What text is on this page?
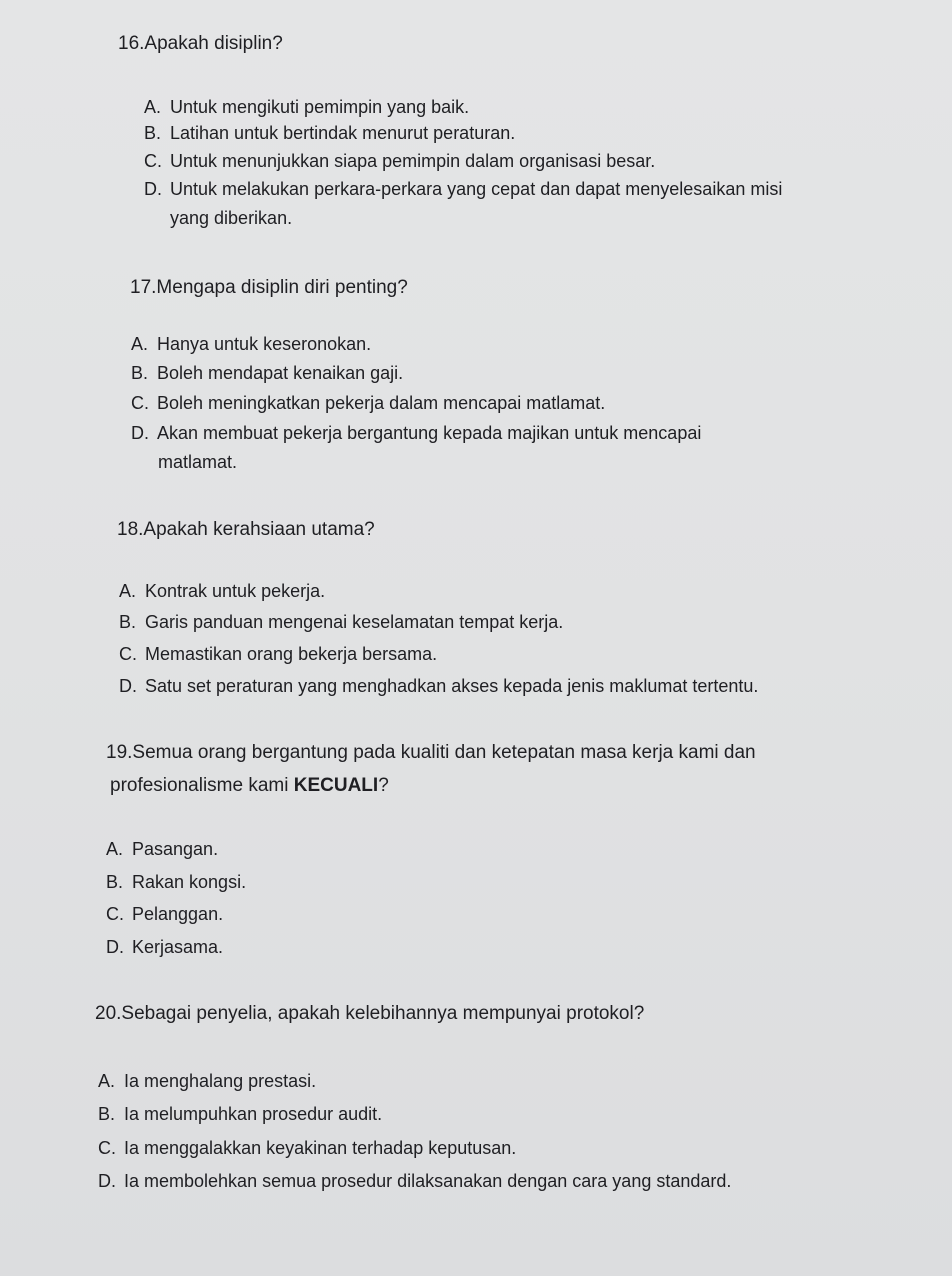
16.Apakah disiplin?
A. Untuk mengikuti pemimpin yang baik.
B. Latihan untuk bertindak menurut peraturan.
C. Untuk menunjukkan siapa pemimpin dalam organisasi besar.
D. Untuk melakukan perkara-perkara yang cepat dan dapat menyelesaikan misi
yang diberikan.
17.Mengapa disiplin diri penting?
A. Hanya untuk keseronokan.
B. Boleh mendapat kenaikan gaji.
C. Boleh meningkatkan pekerja dalam mencapai matlamat.
D. Akan membuat pekerja bergantung kepada majikan untuk mencapai
matlamat.
18.Apakah kerahsiaan utama?
A. Kontrak untuk pekerja.
B. Garis panduan mengenai keselamatan tempat kerja.
C. Memastikan orang bekerja bersama.
D. Satu set peraturan yang menghadkan akses kepada jenis maklumat tertentu.
19.Semua orang bergantung pada kualiti dan ketepatan masa kerja kami dan
profesionalisme kami KECUALI?
A. Pasangan.
B. Rakan kongsi.
C. Pelanggan.
D. Kerjasama.
20.Sebagai penyelia, apakah kelebihannya mempunyai protokol?
A. Ia menghalang prestasi.
B. Ia melumpuhkan prosedur audit.
C. Ia menggalakkan keyakinan terhadap keputusan.
D. Ia membolehkan semua prosedur dilaksanakan dengan cara yang standard.
